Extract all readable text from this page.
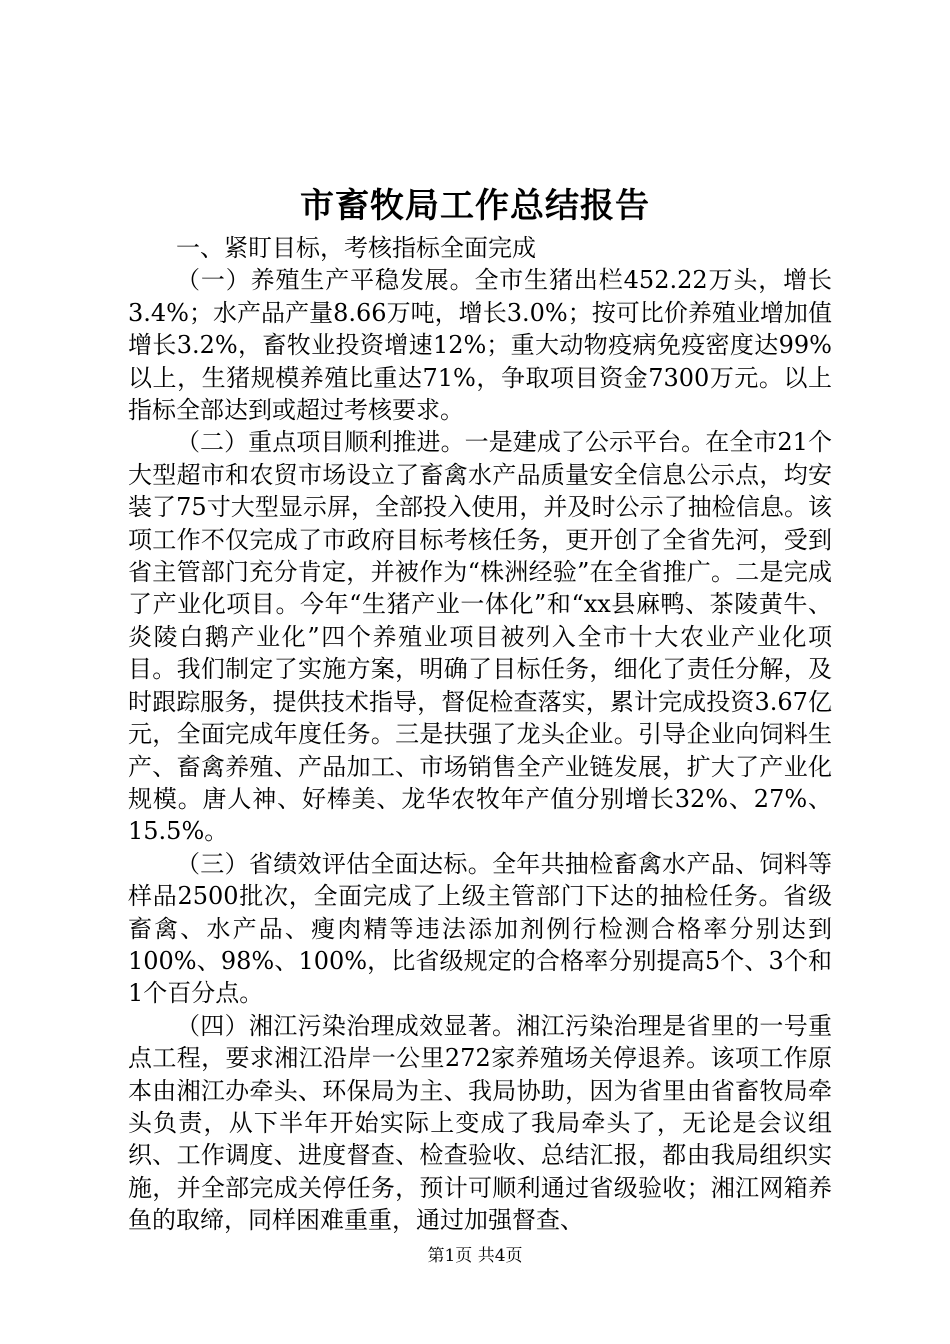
市畜牧局工作总结报告

一、紧盯目标，考核指标全面完成

（一）养殖生产平稳发展。全市生猪出栏452.22万头，增长3.4%；水产品产量8.66万吨，增长3.0%；按可比价养殖业增加值增长3.2%，畜牧业投资增速12%；重大动物疫病免疫密度达99%以上，生猪规模养殖比重达71%，争取项目资金7300万元。以上指标全部达到或超过考核要求。

（二）重点项目顺利推进。一是建成了公示平台。在全市21个大型超市和农贸市场设立了畜禽水产品质量安全信息公示点，均安装了75寸大型显示屏，全部投入使用，并及时公示了抽检信息。该项工作不仅完成了市政府目标考核任务，更开创了全省先河，受到省主管部门充分肯定，并被作为“株洲经验”在全省推广。二是完成了产业化项目。今年“生猪产业一体化”和“xx县麻鸭、茶陵黄牛、炎陵白鹅产业化”四个养殖业项目被列入全市十大农业产业化项目。我们制定了实施方案，明确了目标任务，细化了责任分解，及时跟踪服务，提供技术指导，督促检查落实，累计完成投资3.67亿元，全面完成年度任务。三是扶强了龙头企业。引导企业向饲料生产、畜禽养殖、产品加工、市场销售全产业链发展，扩大了产业化规模。唐人神、好棒美、龙华农牧年产值分别增长32%、27%、15.5%。

（三）省绩效评估全面达标。全年共抽检畜禽水产品、饲料等样品2500批次，全面完成了上级主管部门下达的抽检任务。省级畜禽、水产品、瘦肉精等违法添加剂例行检测合格率分别达到100%、98%、100%，比省级规定的合格率分别提高5个、3个和1个百分点。

（四）湘江污染治理成效显著。湘江污染治理是省里的一号重点工程，要求湘江沿岸一公里272家养殖场关停退养。该项工作原本由湘江办牵头、环保局为主、我局协助，因为省里由省畜牧局牵头负责，从下半年开始实际上变成了我局牵头了，无论是会议组织、工作调度、进度督查、检查验收、总结汇报，都由我局组织实施，并全部完成关停任务，预计可顺利通过省级验收；湘江网箱养鱼的取缔，同样困难重重，通过加强督查、

第1页 共4页
